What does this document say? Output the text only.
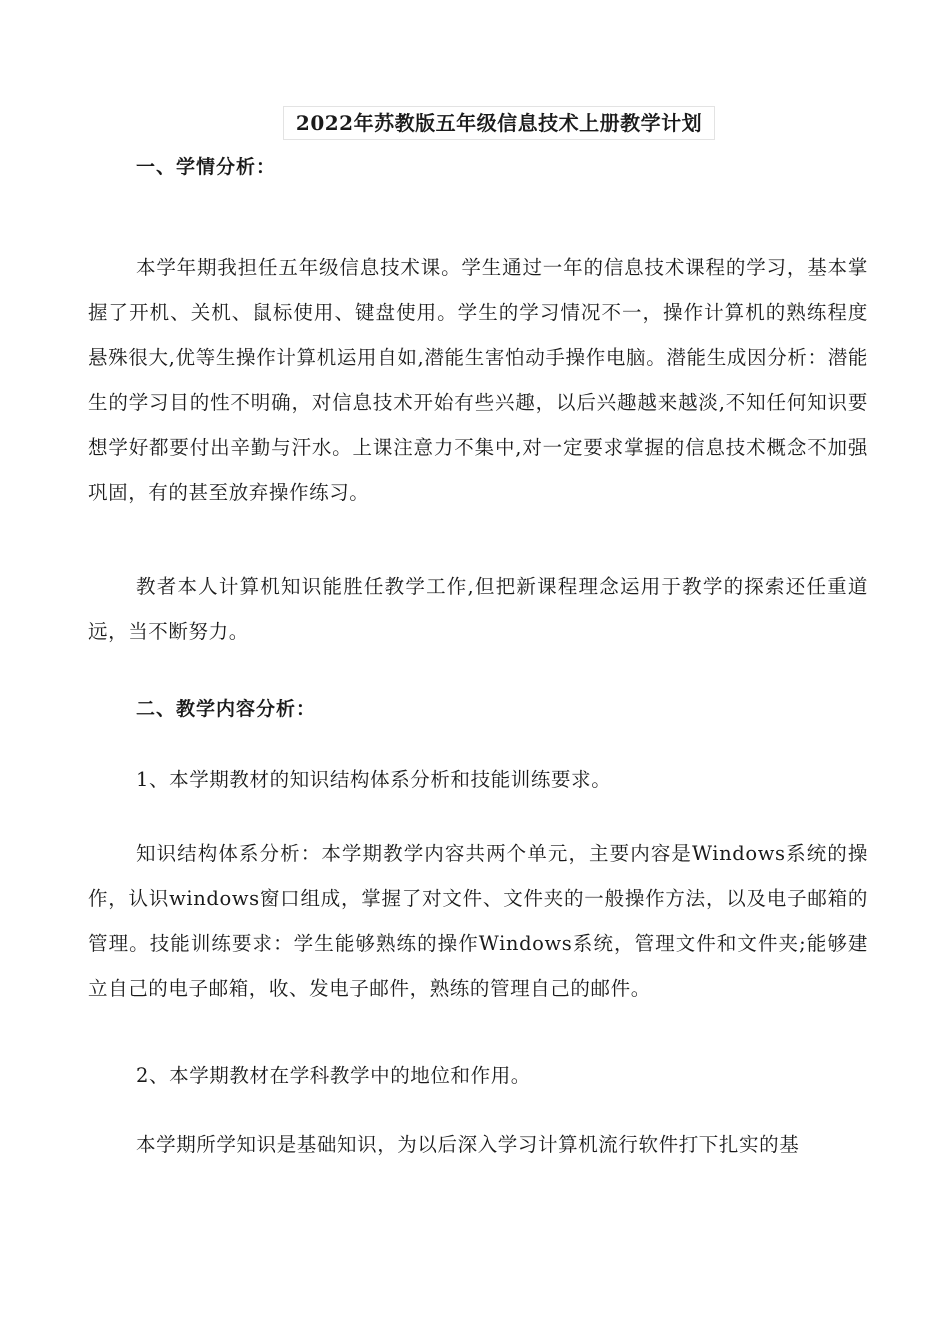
2022年苏教版五年级信息技术上册教学计划
一、学情分析：
本学年期我担任五年级信息技术课。学生通过一年的信息技术课程的学习，基本掌握了开机、关机、鼠标使用、键盘使用。学生的学习情况不一，操作计算机的熟练程度悬殊很大,优等生操作计算机运用自如,潜能生害怕动手操作电脑。潜能生成因分析：潜能生的学习目的性不明确，对信息技术开始有些兴趣，以后兴趣越来越淡,不知任何知识要想学好都要付出辛勤与汗水。上课注意力不集中,对一定要求掌握的信息技术概念不加强巩固，有的甚至放弃操作练习。
教者本人计算机知识能胜任教学工作,但把新课程理念运用于教学的探索还任重道远，当不断努力。
二、教学内容分析：
1、本学期教材的知识结构体系分析和技能训练要求。
知识结构体系分析：本学期教学内容共两个单元，主要内容是Windows系统的操作，认识windows窗口组成，掌握了对文件、文件夹的一般操作方法，以及电子邮箱的管理。技能训练要求：学生能够熟练的操作Windows系统，管理文件和文件夹;能够建立自己的电子邮箱，收、发电子邮件，熟练的管理自己的邮件。
2、本学期教材在学科教学中的地位和作用。
本学期所学知识是基础知识，为以后深入学习计算机流行软件打下扎实的基
